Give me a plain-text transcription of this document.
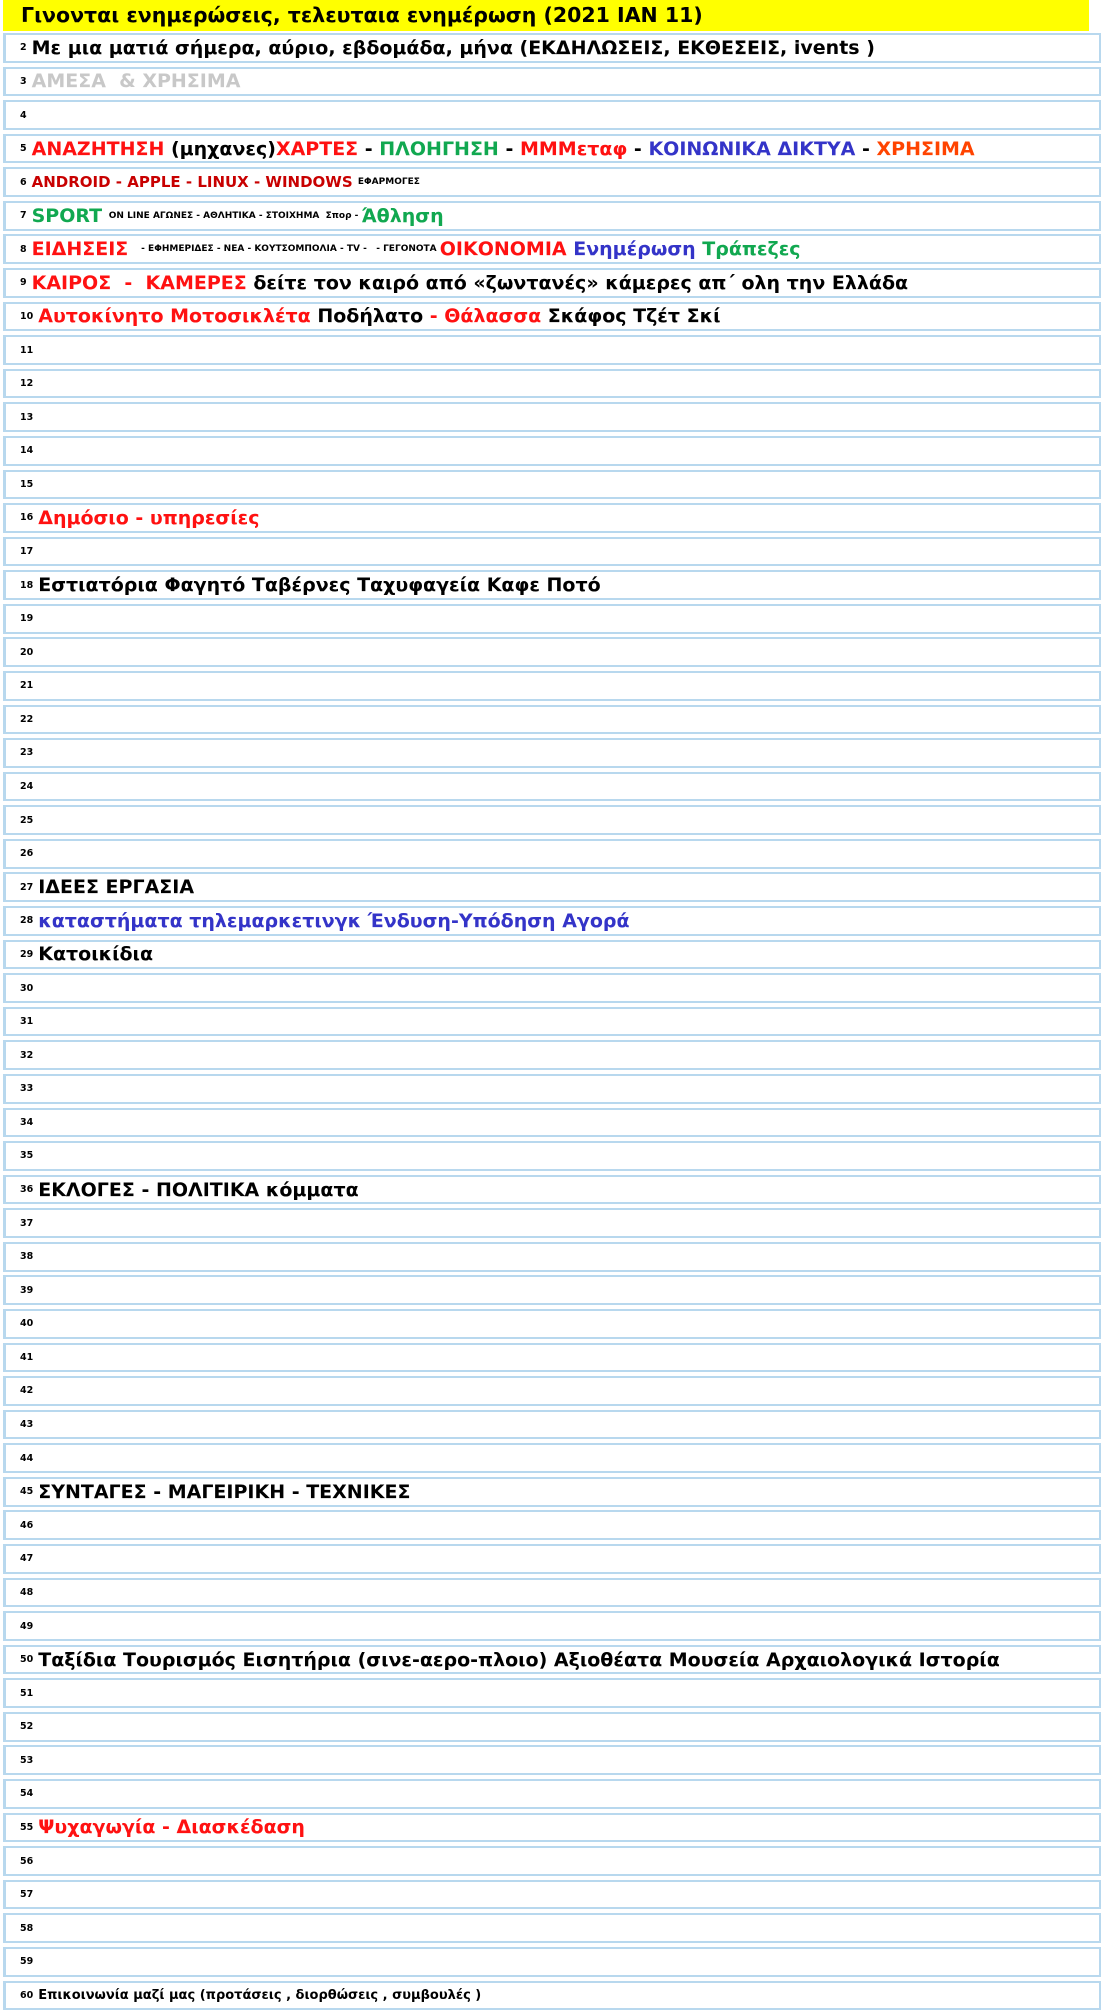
Γινονται ενημερώσεις, τελευταια ενημέρωση (2021 ΙΑΝ 11)
2 Με μια ματιά σήμερα, αύριο, εβδομάδα, μήνα (ΕΚΔΗΛΩΣΕΙΣ, ΕΚΘΕΣΕΙΣ, ivents )
3 ΑΜΕΣΑ  & ΧΡΗΣΙΜΑ
4
5 ΑΝΑΖΗΤΗΣΗ (μηχανες) ΧΑΡΤΕΣ - ΠΛΟΗΓΗΣΗ - ΜΜΜεταφ - ΚΟΙΝΩΝΙΚΑ ΔΙΚΤΥΑ - ΧΡΗΣΙΜΑ
6 ANDROID - APPLE - LINUX - WINDOWS ΕΦΑΡΜΟΓΕΣ
7 SPORT ON LINE ΑΓΩΝΕΣ - ΑΘΛΗΤΙΚΑ - ΣΤΟΙΧΗΜΑ  Σπορ - Άθληση
8 ΕΙΔΗΣΕΙΣ - ΕΦΗΜΕΡΙΔΕΣ - ΝΕΑ - ΚΟΥΤΣΟΜΠΟΛΙΑ - TV -   - ΓΕΓΟΝΟΤΑ ΟΙΚΟΝΟΜΙΑ Ενημέρωση Τράπεζες
9 ΚΑΙΡΟΣ  -  ΚΑΜΕΡΕΣ δείτε τον καιρό από «ζωντανές» κάμερες απ΄ ολη την Ελλάδα
10 Αυτοκίνητο Μοτοσικλέτα Ποδήλατο - Θάλασσα Σκάφος Τζέτ Σκί
11
12
13
14
15
16 Δημόσιο - υπηρεσίες
17
18 Εστιατόρια Φαγητό Ταβέρνες Ταχυφαγεία Καφε Ποτό
19
20
21
22
23
24
25
26
27 ΙΔΕΕΣ ΕΡΓΑΣΙΑ
28 καταστήματα τηλεμαρκετινγκ Ένδυση-Υπόδηση Αγορά
29 Κατοικίδια
30
31
32
33
34
35
36 ΕΚΛΟΓΕΣ - ΠΟΛΙΤΙΚΑ κόμματα
37
38
39
40
41
42
43
44
45 ΣΥΝΤΑΓΕΣ - ΜΑΓΕΙΡΙΚΗ - ΤΕΧΝΙΚΕΣ
46
47
48
49
50 Ταξίδια Τουρισμός Εισητήρια (σινε-αερο-πλοιο) Αξιοθέατα Μουσεία Αρχαιολογικά Ιστορία
51
52
53
54
55 Ψυχαγωγία - Διασκέδαση
56
57
58
59
60 Επικοινωνία μαζί μας (προτάσεις , διορθώσεις , συμβουλές )
